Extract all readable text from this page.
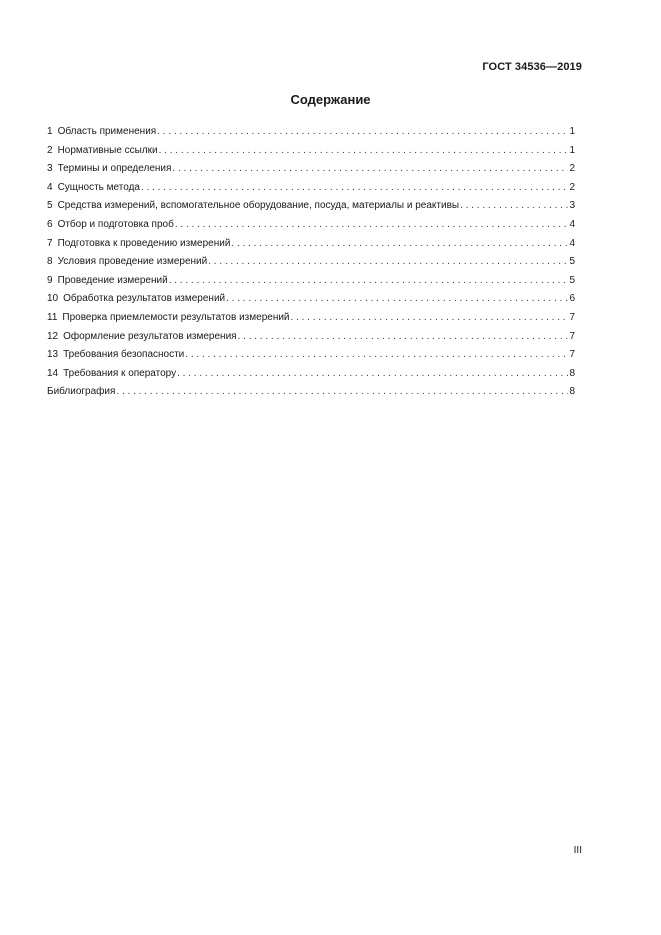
ГОСТ 34536—2019
Содержание
1 Область применения . . .	1
2 Нормативные ссылки . . .	1
3 Термины и определения . . .	2
4 Сущность метода . . .	2
5 Средства измерений, вспомогательное оборудование, посуда, материалы и реактивы . . .	3
6 Отбор и подготовка проб . . .	4
7 Подготовка к проведению измерений . . .	4
8 Условия проведение измерений . . .	5
9 Проведение измерений . . .	5
10 Обработка результатов измерений . . .	6
11 Проверка приемлемости результатов измерений . . .	7
12 Оформление результатов измерения . . .	7
13 Требования безопасности . . .	7
14 Требования к оператору . . .	8
Библиография . . .	8
III
